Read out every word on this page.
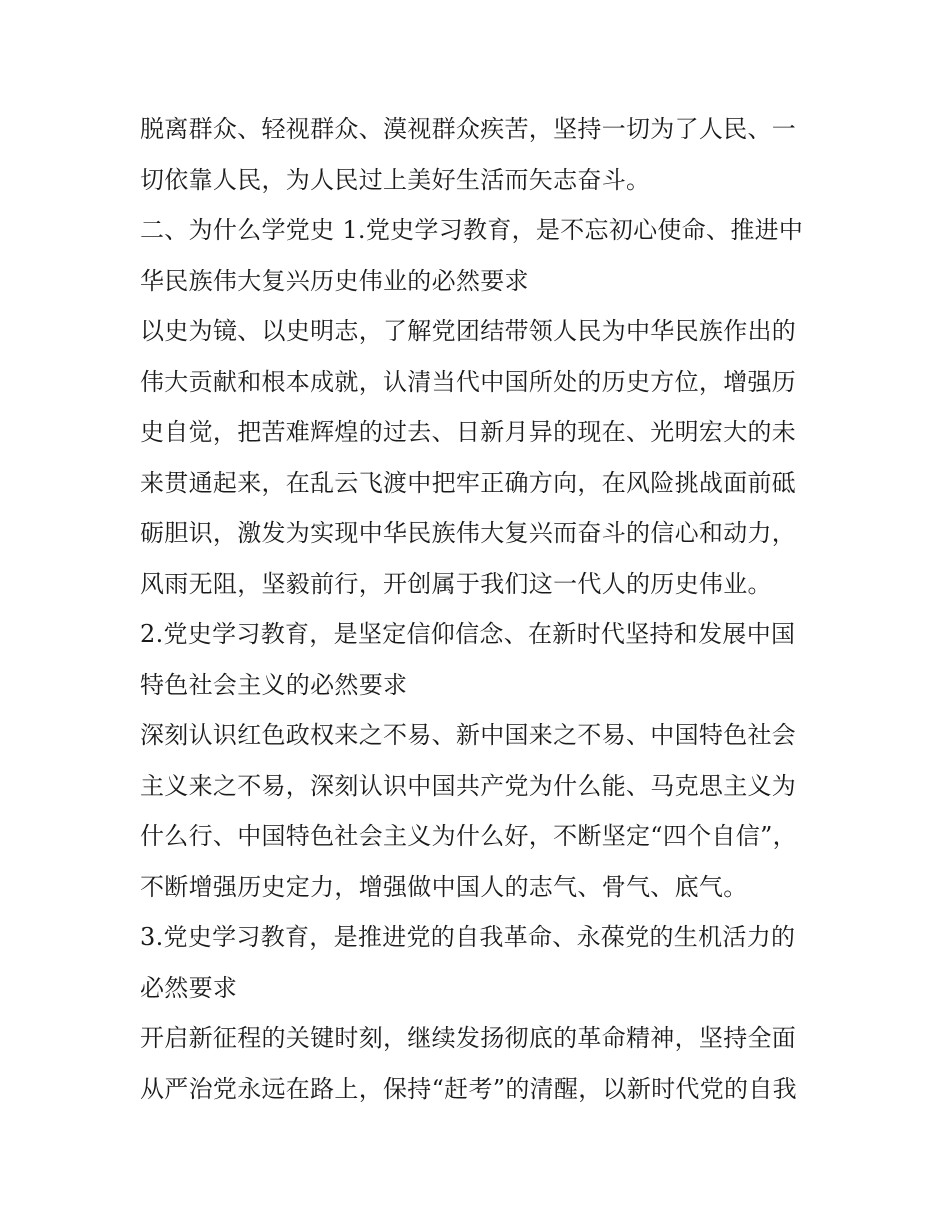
脱离群众、轻视群众、漠视群众疾苦，坚持一切为了人民、一
切依靠人民，为人民过上美好生活而矢志奋斗。
二、为什么学党史 1.党史学习教育，是不忘初心使命、推进中
华民族伟大复兴历史伟业的必然要求
以史为镜、以史明志，了解党团结带领人民为中华民族作出的
伟大贡献和根本成就，认清当代中国所处的历史方位，增强历
史自觉，把苦难辉煌的过去、日新月异的现在、光明宏大的未
来贯通起来，在乱云飞渡中把牢正确方向，在风险挑战面前砥
砺胆识，激发为实现中华民族伟大复兴而奋斗的信心和动力，
风雨无阻，坚毅前行，开创属于我们这一代人的历史伟业。
2.党史学习教育，是坚定信仰信念、在新时代坚持和发展中国
特色社会主义的必然要求
深刻认识红色政权来之不易、新中国来之不易、中国特色社会
主义来之不易，深刻认识中国共产党为什么能、马克思主义为
什么行、中国特色社会主义为什么好，不断坚定“四个自信”，
不断增强历史定力，增强做中国人的志气、骨气、底气。
3.党史学习教育，是推进党的自我革命、永葆党的生机活力的
必然要求
开启新征程的关键时刻，继续发扬彻底的革命精神，坚持全面
从严治党永远在路上，保持“赶考”的清醒，以新时代党的自我
